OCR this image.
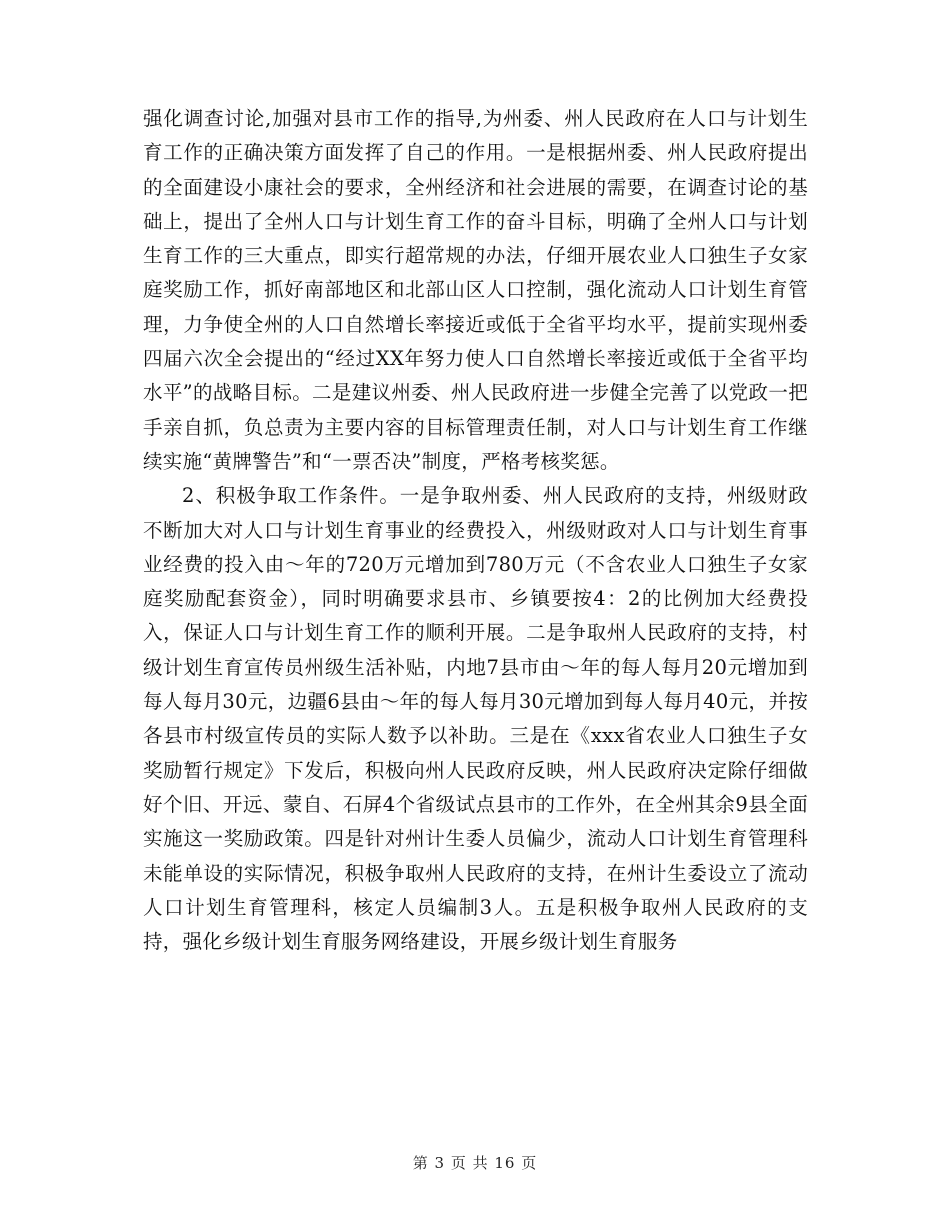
强化调查讨论,加强对县市工作的指导,为州委、州人民政府在人口与计划生育工作的正确决策方面发挥了自己的作用。一是根据州委、州人民政府提出的全面建设小康社会的要求，全州经济和社会进展的需要，在调查讨论的基础上，提出了全州人口与计划生育工作的奋斗目标，明确了全州人口与计划生育工作的三大重点，即实行超常规的办法，仔细开展农业人口独生子女家庭奖励工作，抓好南部地区和北部山区人口控制，强化流动人口计划生育管理，力争使全州的人口自然增长率接近或低于全省平均水平，提前实现州委四届六次全会提出的“经过XX年努力使人口自然增长率接近或低于全省平均水平”的战略目标。二是建议州委、州人民政府进一步健全完善了以党政一把手亲自抓，负总责为主要内容的目标管理责任制，对人口与计划生育工作继续实施“黄牌警告”和“一票否决”制度，严格考核奖惩。

2、积极争取工作条件。一是争取州委、州人民政府的支持，州级财政不断加大对人口与计划生育事业的经费投入，州级财政对人口与计划生育事业经费的投入由～年的720万元增加到780万元（不含农业人口独生子女家庭奖励配套资金），同时明确要求县市、乡镇要按4：2的比例加大经费投入，保证人口与计划生育工作的顺利开展。二是争取州人民政府的支持，村级计划生育宣传员州级生活补贴，内地7县市由～年的每人每月20元增加到每人每月30元，边疆6县由～年的每人每月30元增加到每人每月40元，并按各县市村级宣传员的实际人数予以补助。三是在《xxx省农业人口独生子女奖励暂行规定》下发后，积极向州人民政府反映，州人民政府决定除仔细做好个旧、开远、蒙自、石屏4个省级试点县市的工作外，在全州其余9县全面实施这一奖励政策。四是针对州计生委人员偏少，流动人口计划生育管理科未能单设的实际情况，积极争取州人民政府的支持，在州计生委设立了流动人口计划生育管理科，核定人员编制3人。五是积极争取州人民政府的支持，强化乡级计划生育服务网络建设，开展乡级计划生育服务

第 3 页 共 16 页
